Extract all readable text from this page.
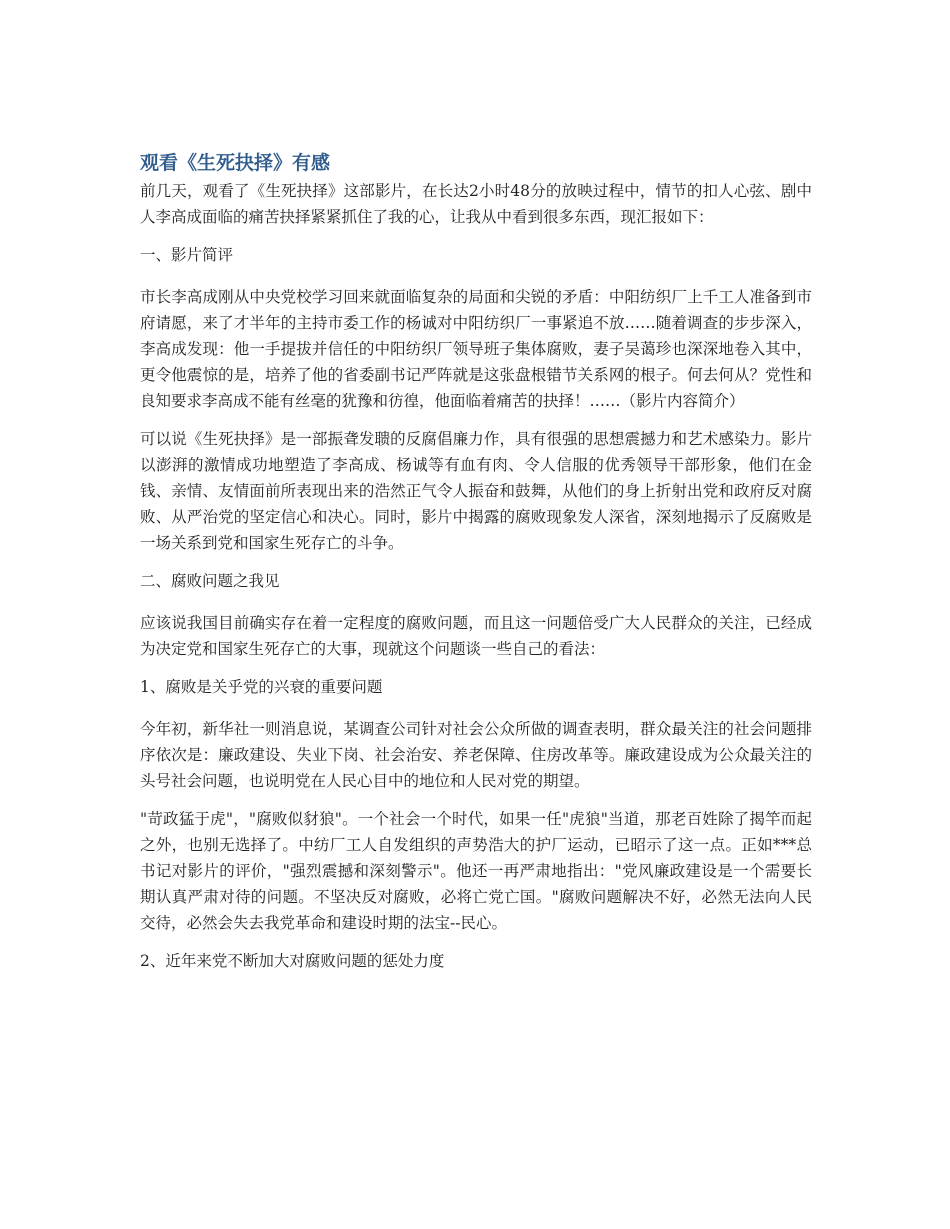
观看《生死抉择》有感

前几天，观看了《生死抉择》这部影片，在长达2小时48分的放映过程中，情节的扣人心弦、剧中人李高成面临的痛苦抉择紧紧抓住了我的心，让我从中看到很多东西，现汇报如下：

一、影片简评

市长李高成刚从中央党校学习回来就面临复杂的局面和尖锐的矛盾：中阳纺织厂上千工人准备到市府请愿，来了才半年的主持市委工作的杨诚对中阳纺织厂一事紧追不放……随着调查的步步深入，李高成发现：他一手提拔并信任的中阳纺织厂领导班子集体腐败，妻子吴蔼珍也深深地卷入其中，更令他震惊的是，培养了他的省委副书记严阵就是这张盘根错节关系网的根子。何去何从？党性和良知要求李高成不能有丝毫的犹豫和彷徨，他面临着痛苦的抉择！……（影片内容简介）

可以说《生死抉择》是一部振聋发聩的反腐倡廉力作，具有很强的思想震撼力和艺术感染力。影片以澎湃的激情成功地塑造了李高成、杨诚等有血有肉、令人信服的优秀领导干部形象，他们在金钱、亲情、友情面前所表现出来的浩然正气令人振奋和鼓舞，从他们的身上折射出党和政府反对腐败、从严治党的坚定信心和决心。同时，影片中揭露的腐败现象发人深省，深刻地揭示了反腐败是一场关系到党和国家生死存亡的斗争。

二、腐败问题之我见

应该说我国目前确实存在着一定程度的腐败问题，而且这一问题倍受广大人民群众的关注，已经成为决定党和国家生死存亡的大事，现就这个问题谈一些自己的看法：

1、腐败是关乎党的兴衰的重要问题

今年初，新华社一则消息说，某调查公司针对社会公众所做的调查表明，群众最关注的社会问题排序依次是：廉政建设、失业下岗、社会治安、养老保障、住房改革等。廉政建设成为公众最关注的头号社会问题，也说明党在人民心目中的地位和人民对党的期望。

"苛政猛于虎"，"腐败似豺狼"。一个社会一个时代，如果一任"虎狼"当道，那老百姓除了揭竿而起之外，也别无选择了。中纺厂工人自发组织的声势浩大的护厂运动，已昭示了这一点。正如***总书记对影片的评价，"强烈震撼和深刻警示"。他还一再严肃地指出："党风廉政建设是一个需要长期认真严肃对待的问题。不坚决反对腐败，必将亡党亡国。"腐败问题解决不好，必然无法向人民交待，必然会失去我党革命和建设时期的法宝--民心。

2、近年来党不断加大对腐败问题的惩处力度
